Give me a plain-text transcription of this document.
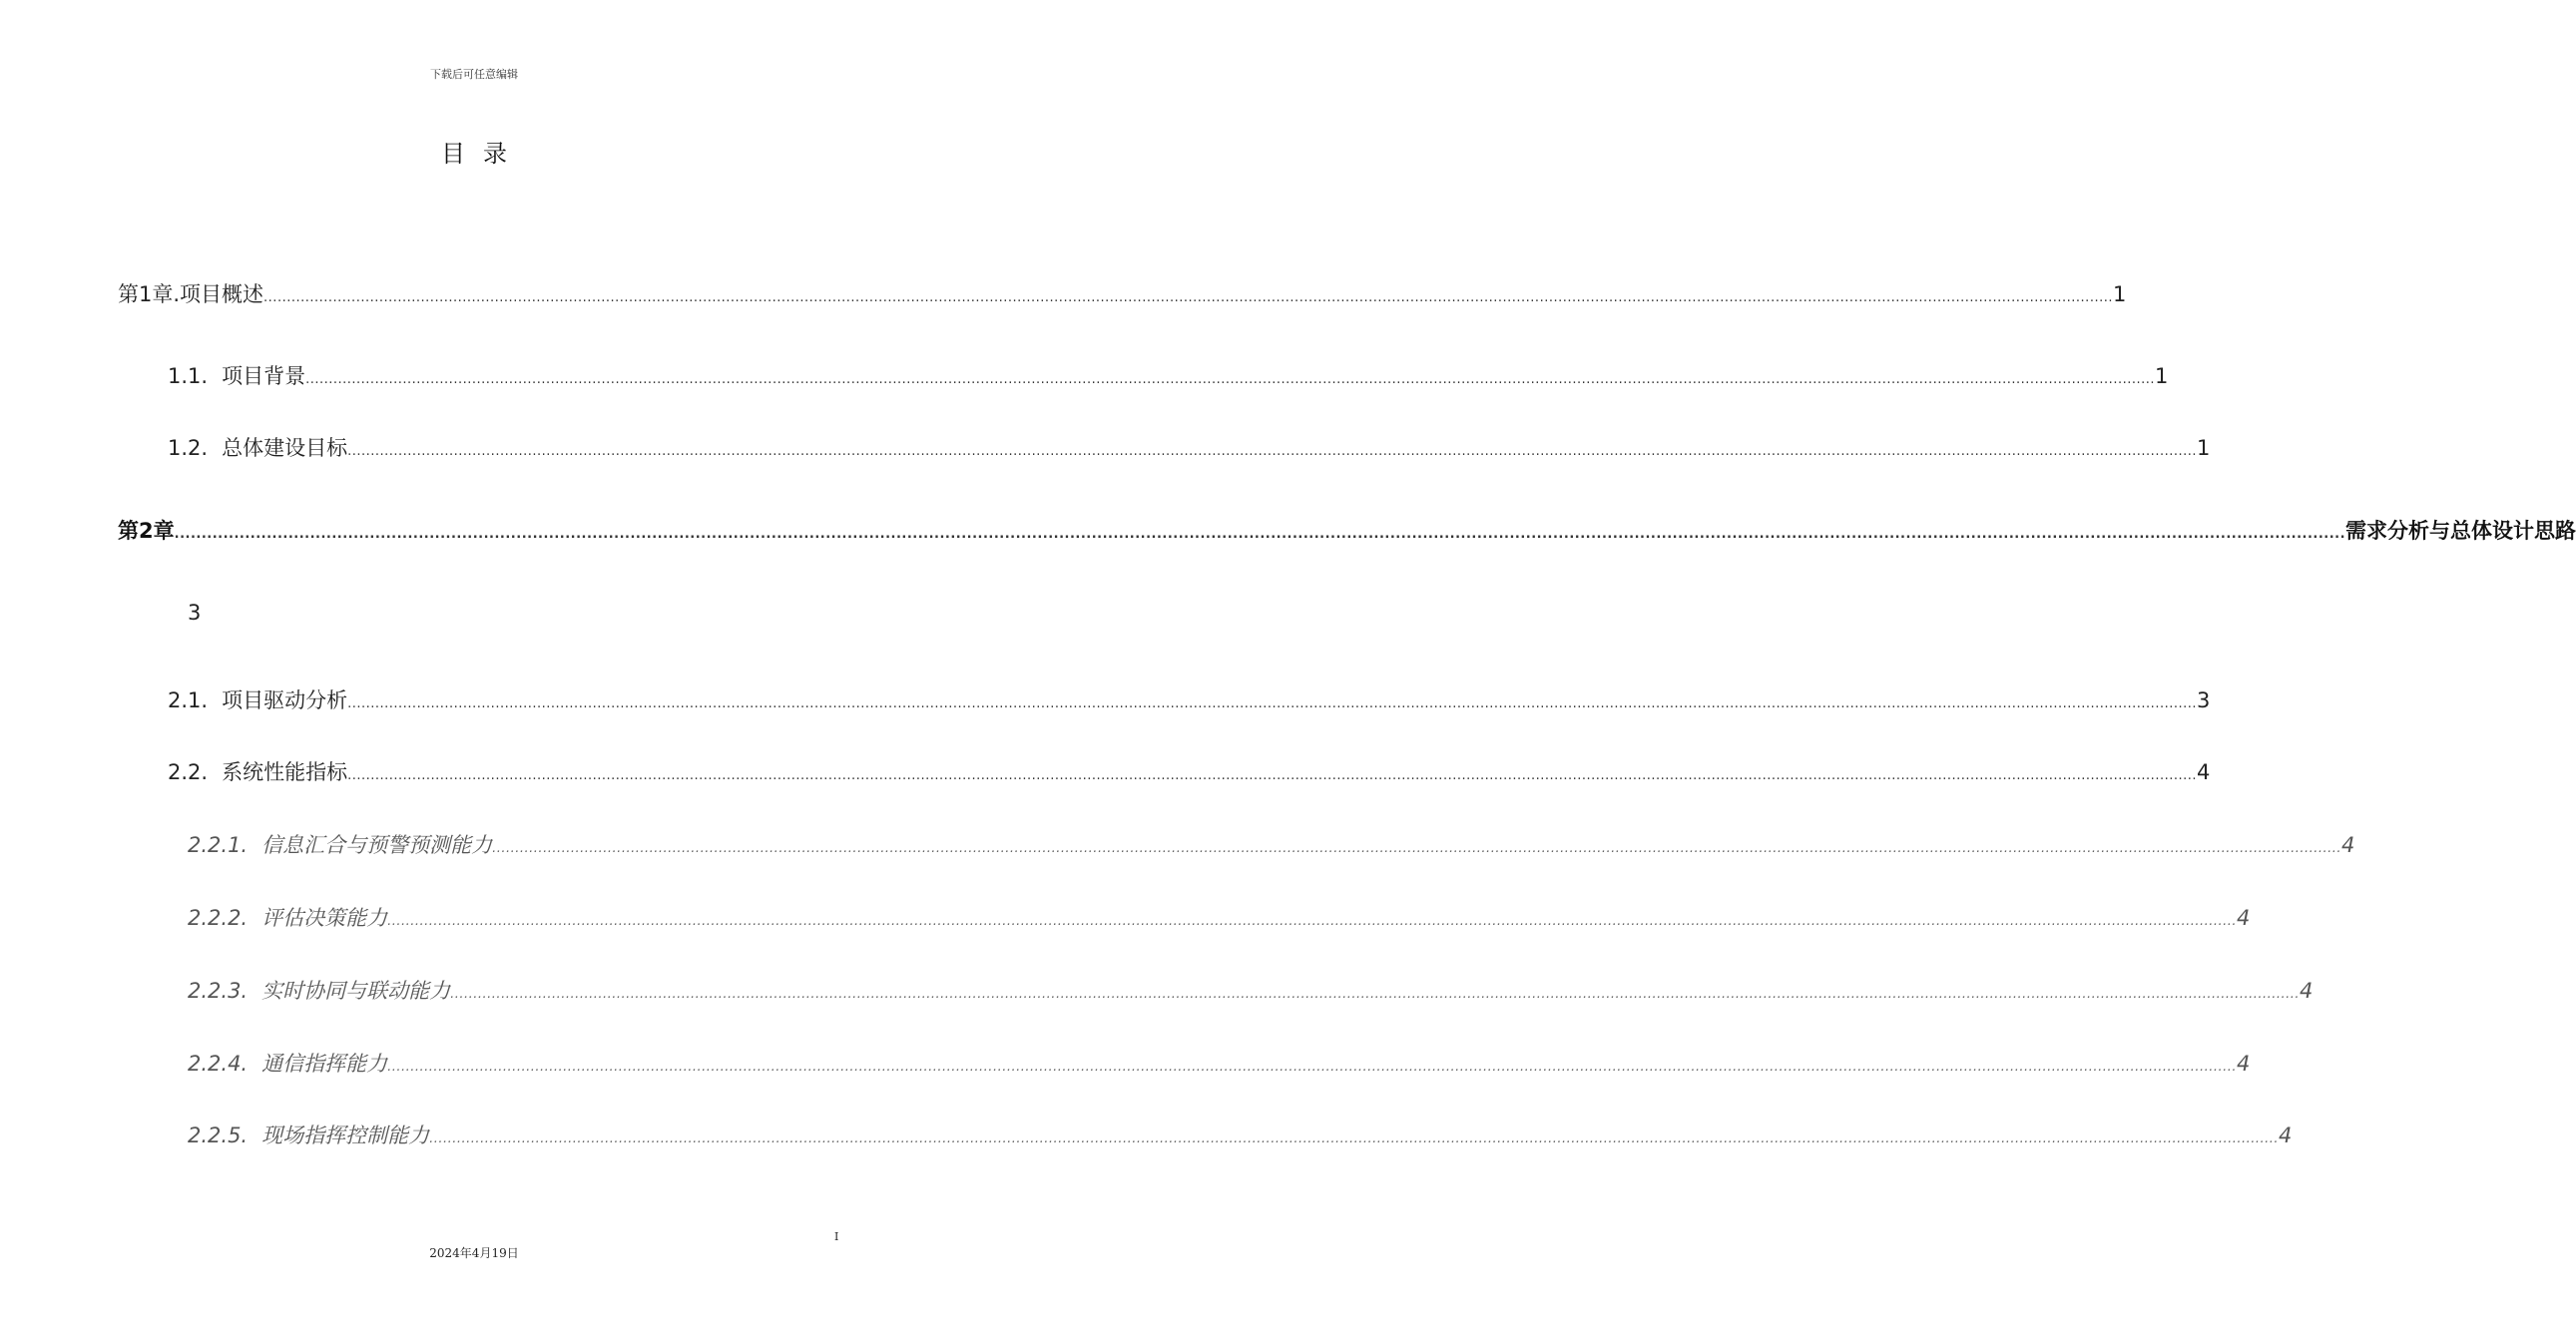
下载后可任意编辑
目录
第1章.项目概述 ................................................................................................................................................................................................................................................................................................................................................................................................................ 1
1.1. 项目背景 ................................................................................................................................................................................................................................................................................................................................................................................................................ 1
1.2. 总体建设目标 ................................................................................................................................................................................................................................................................................................................................................................................................................ 1
第2章 ................................................................................................................................................................................................................................................................................................................................................................................................................ 需求分析与总体设计思路
3
2.1. 项目驱动分析 ................................................................................................................................................................................................................................................................................................................................................................................................................ 3
2.2. 系统性能指标 ................................................................................................................................................................................................................................................................................................................................................................................................................ 4
2.2.1. 信息汇合与预警预测能力 ................................................................................................................................................................................................................................................................................................................................................................................................................ 4
2.2.2. 评估决策能力 ................................................................................................................................................................................................................................................................................................................................................................................................................ 4
2.2.3. 实时协同与联动能力 ................................................................................................................................................................................................................................................................................................................................................................................................................ 4
2.2.4. 通信指挥能力 ................................................................................................................................................................................................................................................................................................................................................................................................................ 4
2.2.5. 现场指挥控制能力 ................................................................................................................................................................................................................................................................................................................................................................................................................ 4
I
2024年4月19日
